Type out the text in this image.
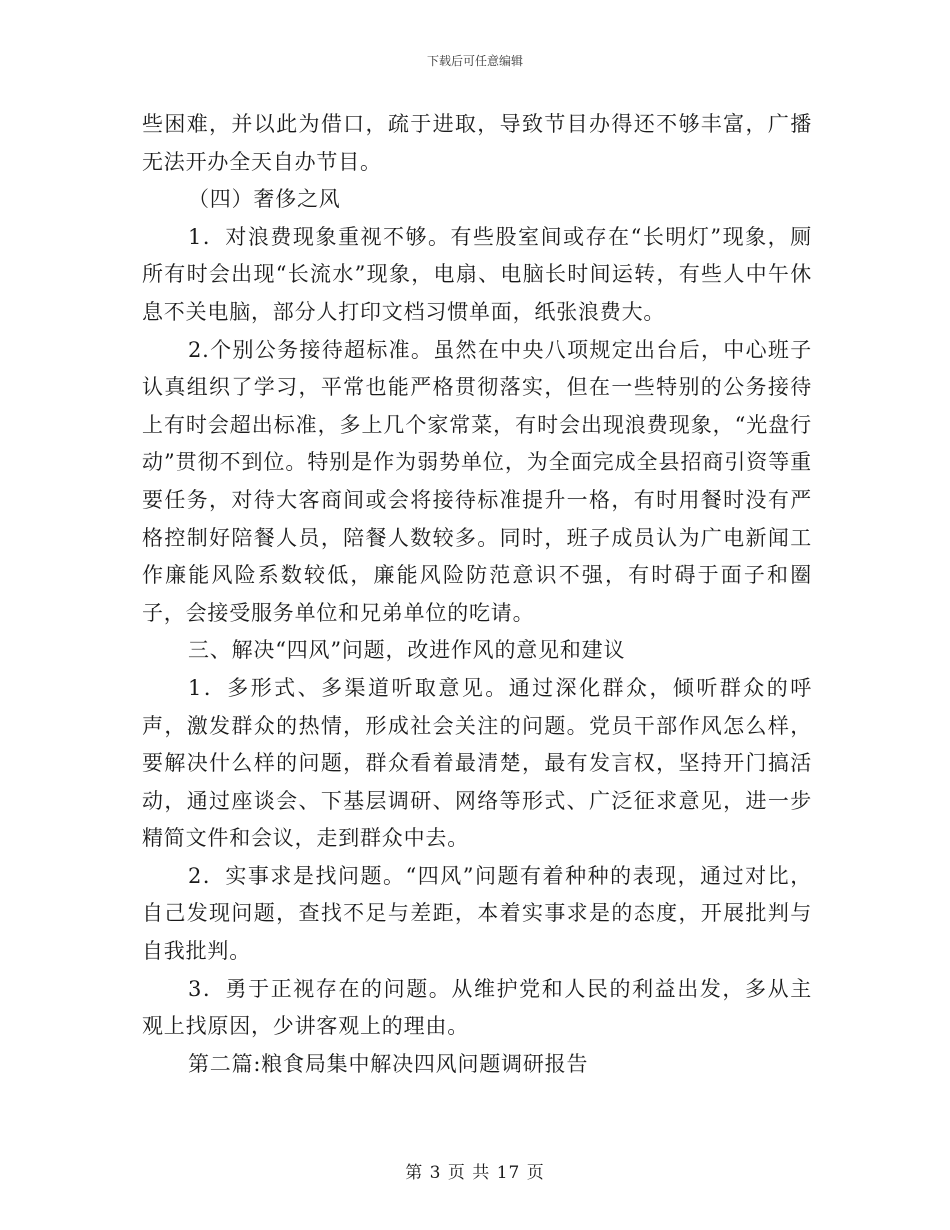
下载后可任意编辑

些困难，并以此为借口，疏于进取，导致节目办得还不够丰富，广播无法开办全天自办节目。

（四）奢侈之风

1．对浪费现象重视不够。有些股室间或存在“长明灯”现象，厕所有时会出现“长流水”现象，电扇、电脑长时间运转，有些人中午休息不关电脑，部分人打印文档习惯单面，纸张浪费大。

2.个别公务接待超标准。虽然在中央八项规定出台后，中心班子认真组织了学习，平常也能严格贯彻落实，但在一些特别的公务接待上有时会超出标准，多上几个家常菜，有时会出现浪费现象，“光盘行动”贯彻不到位。特别是作为弱势单位，为全面完成全县招商引资等重要任务，对待大客商间或会将接待标准提升一格，有时用餐时没有严格控制好陪餐人员，陪餐人数较多。同时，班子成员认为广电新闻工作廉能风险系数较低，廉能风险防范意识不强，有时碍于面子和圈子，会接受服务单位和兄弟单位的吃请。

三、解决“四风”问题，改进作风的意见和建议

1．多形式、多渠道听取意见。通过深化群众，倾听群众的呼声，激发群众的热情，形成社会关注的问题。党员干部作风怎么样，要解决什么样的问题，群众看着最清楚，最有发言权，坚持开门搞活动，通过座谈会、下基层调研、网络等形式、广泛征求意见，进一步精简文件和会议，走到群众中去。

2．实事求是找问题。“四风”问题有着种种的表现，通过对比，自己发现问题，查找不足与差距，本着实事求是的态度，开展批判与自我批判。

3．勇于正视存在的问题。从维护党和人民的利益出发，多从主观上找原因，少讲客观上的理由。

第二篇:粮食局集中解决四风问题调研报告

第 3 页 共 17 页
